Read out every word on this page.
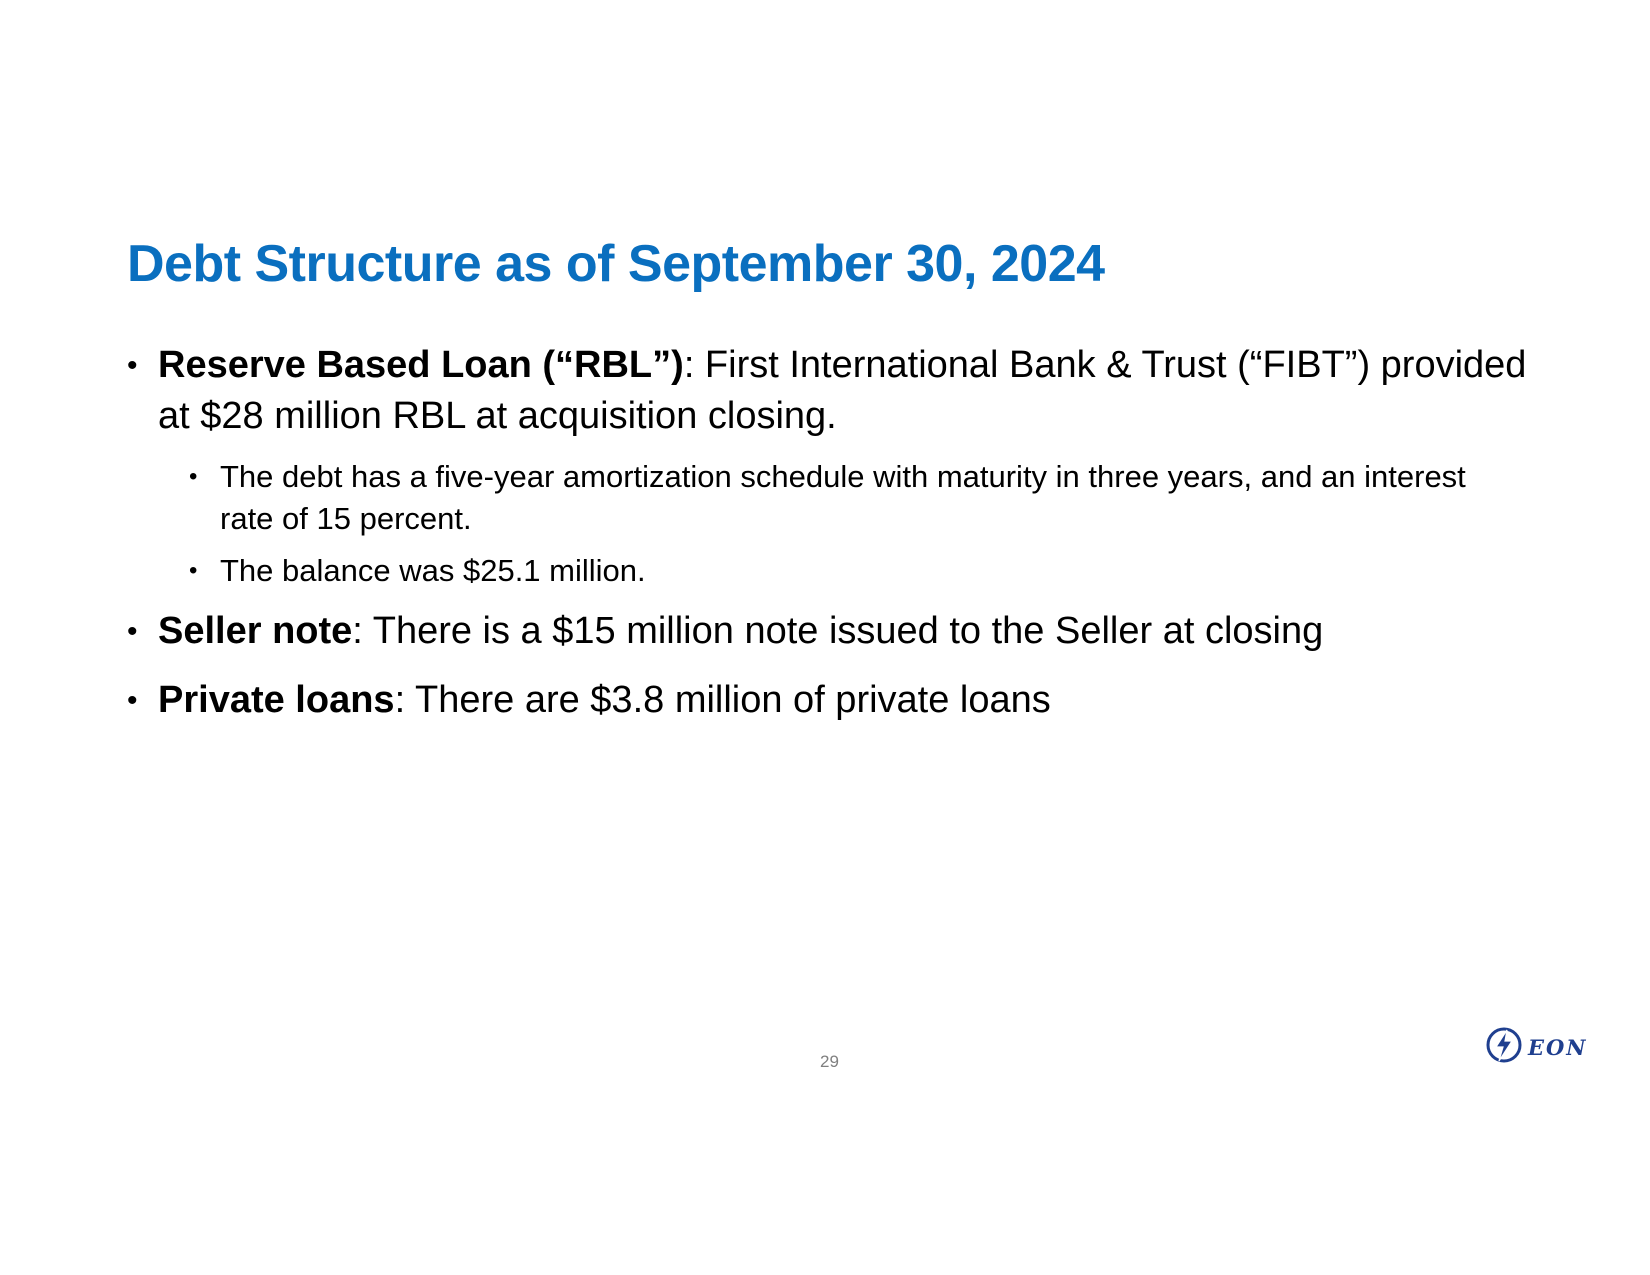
Debt Structure as of September 30, 2024

• Reserve Based Loan (“RBL”): First International Bank & Trust (“FIBT”) provided at $28 million RBL at acquisition closing.

• The debt has a five-year amortization schedule with maturity in three years, and an interest rate of 15 percent.

• The balance was $25.1 million.

• Seller note: There is a $15 million note issued to the Seller at closing

• Private loans: There are $3.8 million of private loans

29
EON
